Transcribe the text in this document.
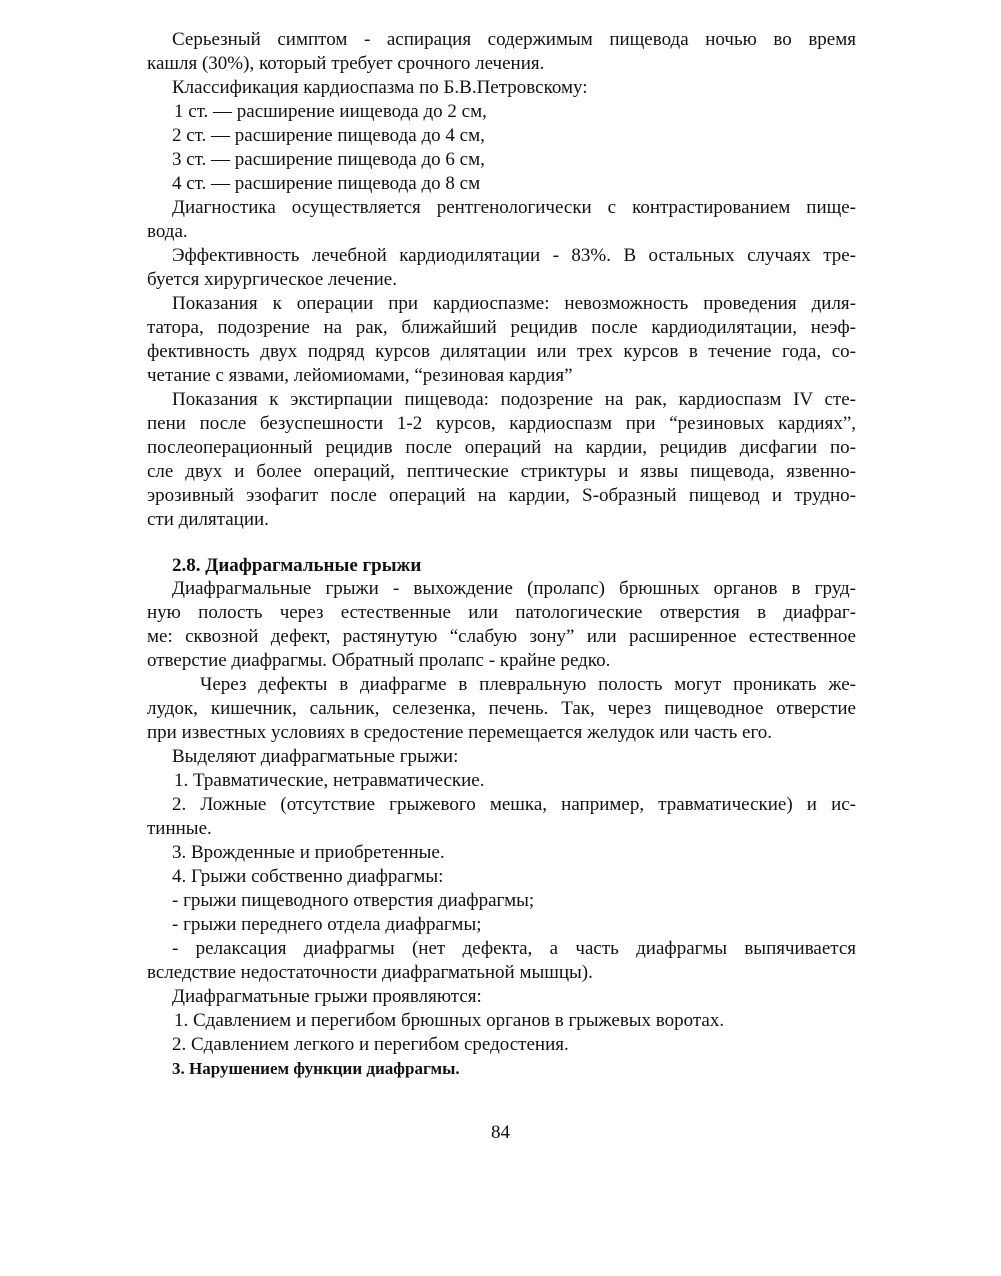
Серьезный симптом - аспирация содержимым пищевода ночью во время
кашля (30%), который требует срочного лечения.
Классификация кардиоспазма по Б.В.Петровскому:
1 ст. — расширение иищевода до 2 см,
2 ст. — расширение пищевода до 4 см,
3 ст. — расширение пищевода до 6 см,
4 ст. — расширение пищевода до 8 см
Диагностика осуществляется рентгенологически с контрастированием пище-
вода.
Эффективность лечебной кардиодилятации - 83%. В остальных случаях тре-
буется хирургическое лечение.
Показания к операции при кардиоспазме: невозможность проведения диля-
татора, подозрение на рак, ближайший рецидив после кардиодилятации, неэф-
фективность двух подряд курсов дилятации или трех курсов в течение года, со-
четание с язвами, лейомиомами, “резиновая кардия”
Показания к экстирпации пищевода: подозрение на рак, кардиоспазм IV сте-
пени после безуспешности 1-2 курсов, кардиоспазм при “резиновых кардиях”,
послеоперационный рецидив после операций на кардии, рецидив дисфагии по-
сле двух и более операций, пептические стриктуры и язвы пищевода, язвенно-
эрозивный эзофагит после операций на кардии, S-образный пищевод и трудно-
сти дилятации.
2.8. Диафрагмальные грыжи
Диафрагмальные грыжи - выхождение (пролапс) брюшных органов в груд-
ную полость через естественные или патологические отверстия в диафраг-
ме: сквозной дефект, растянутую “слабую зону” или расширенное естественное
отверстие диафрагмы. Обратный пролапс - крайне редко.
Через дефекты в диафрагме в плевральную полость могут проникать же-
лудок, кишечник, сальник, селезенка, печень. Так, через пищеводное отверстие
при известных условиях в средостение перемещается желудок или часть его.
Выделяют диафрагматьные грыжи:
1. Травматические, нетравматические.
2. Ложные (отсутствие грыжевого мешка, например, травматические) и ис-
тинные.
3. Врожденные и приобретенные.
4. Грыжи собственно диафрагмы:
- грыжи пищеводного отверстия диафрагмы;
- грыжи переднего отдела диафрагмы;
- релаксация диафрагмы (нет дефекта, а часть диафрагмы выпячивается
вследствие недостаточности диафрагматьной мышцы).
Диафрагматьные грыжи проявляются:
1. Сдавлением и перегибом брюшных органов в грыжевых воротах.
2. Сдавлением легкого и перегибом средостения.
3. Нарушением функции диафрагмы.
84
